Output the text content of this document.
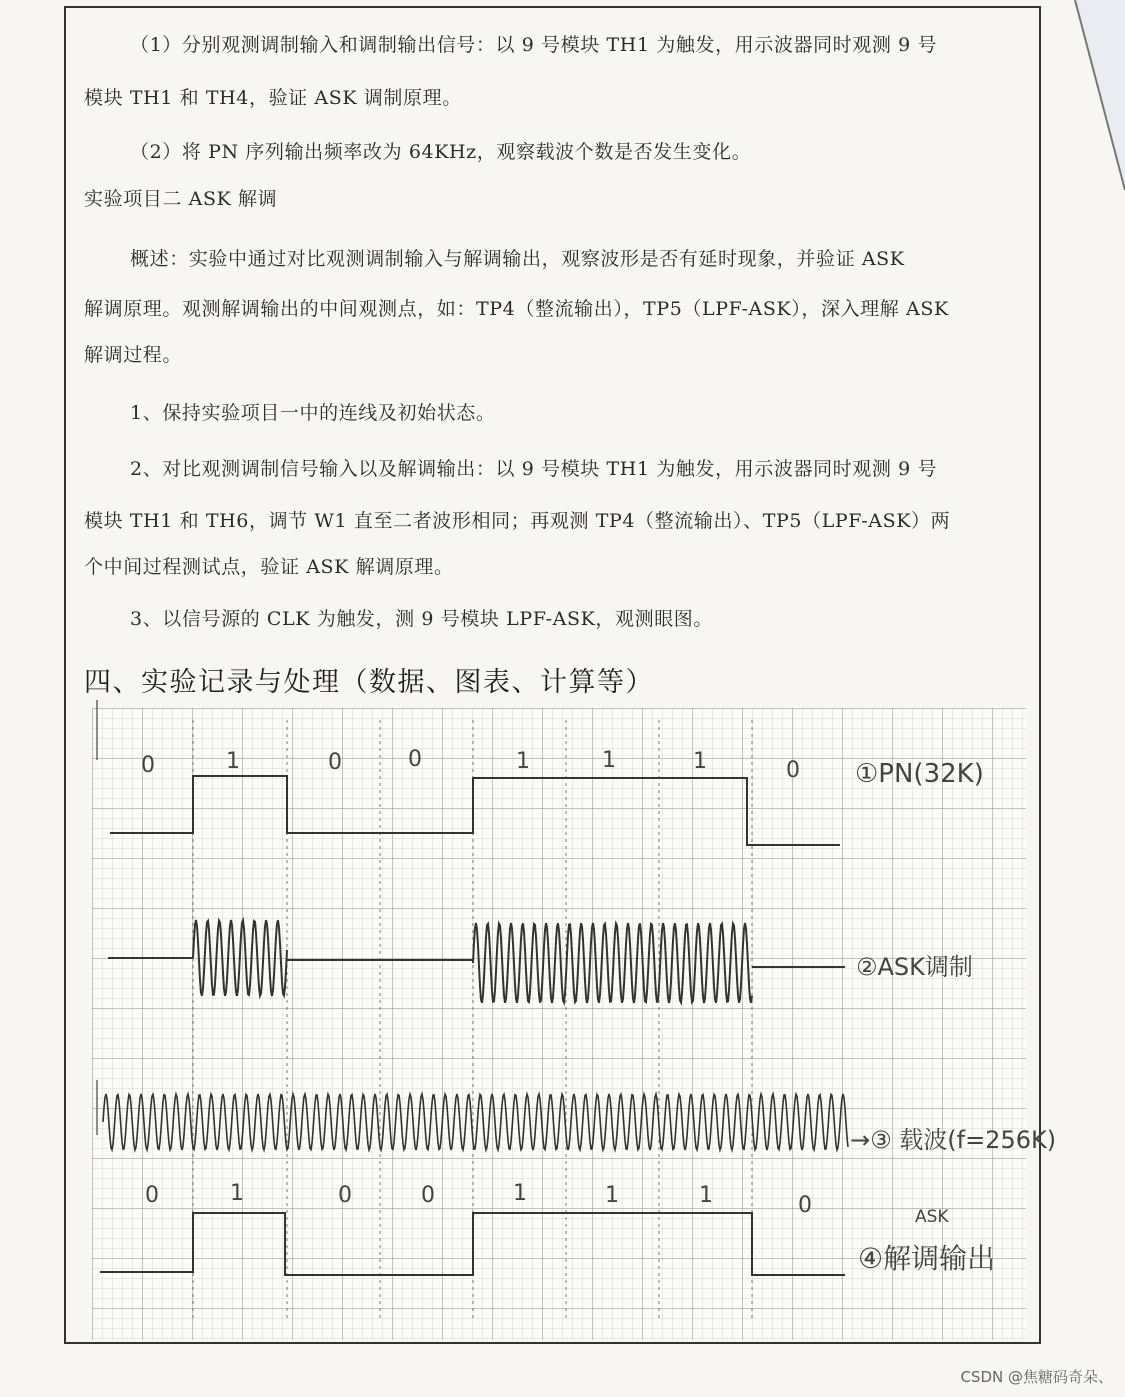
（1）分别观测调制输入和调制输出信号：以 9 号模块 TH1 为触发，用示波器同时观测 9 号
模块 TH1 和 TH4，验证 ASK 调制原理。
（2）将 PN 序列输出频率改为 64KHz，观察载波个数是否发生变化。
实验项目二 ASK 解调
概述：实验中通过对比观测调制输入与解调输出，观察波形是否有延时现象，并验证 ASK
解调原理。观测解调输出的中间观测点，如：TP4（整流输出），TP5（LPF-ASK），深入理解 ASK
解调过程。
1、保持实验项目一中的连线及初始状态。
2、对比观测调制信号输入以及解调输出：以 9 号模块 TH1 为触发，用示波器同时观测 9 号
模块 TH1 和 TH6，调节 W1 直至二者波形相同；再观测 TP4（整流输出）、TP5（LPF-ASK）两
个中间过程测试点，验证 ASK 解调原理。
3、以信号源的 CLK 为触发，测 9 号模块 LPF-ASK，观测眼图。
四、实验记录与处理（数据、图表、计算等）
0	1	0	0	1	1	1	0
0	1	0	0	1	1	1	0
①PN(32K)
②ASK调制
→③ 载波(f=256K)
ASK
④解调输出
CSDN @焦糖码奇朵、
